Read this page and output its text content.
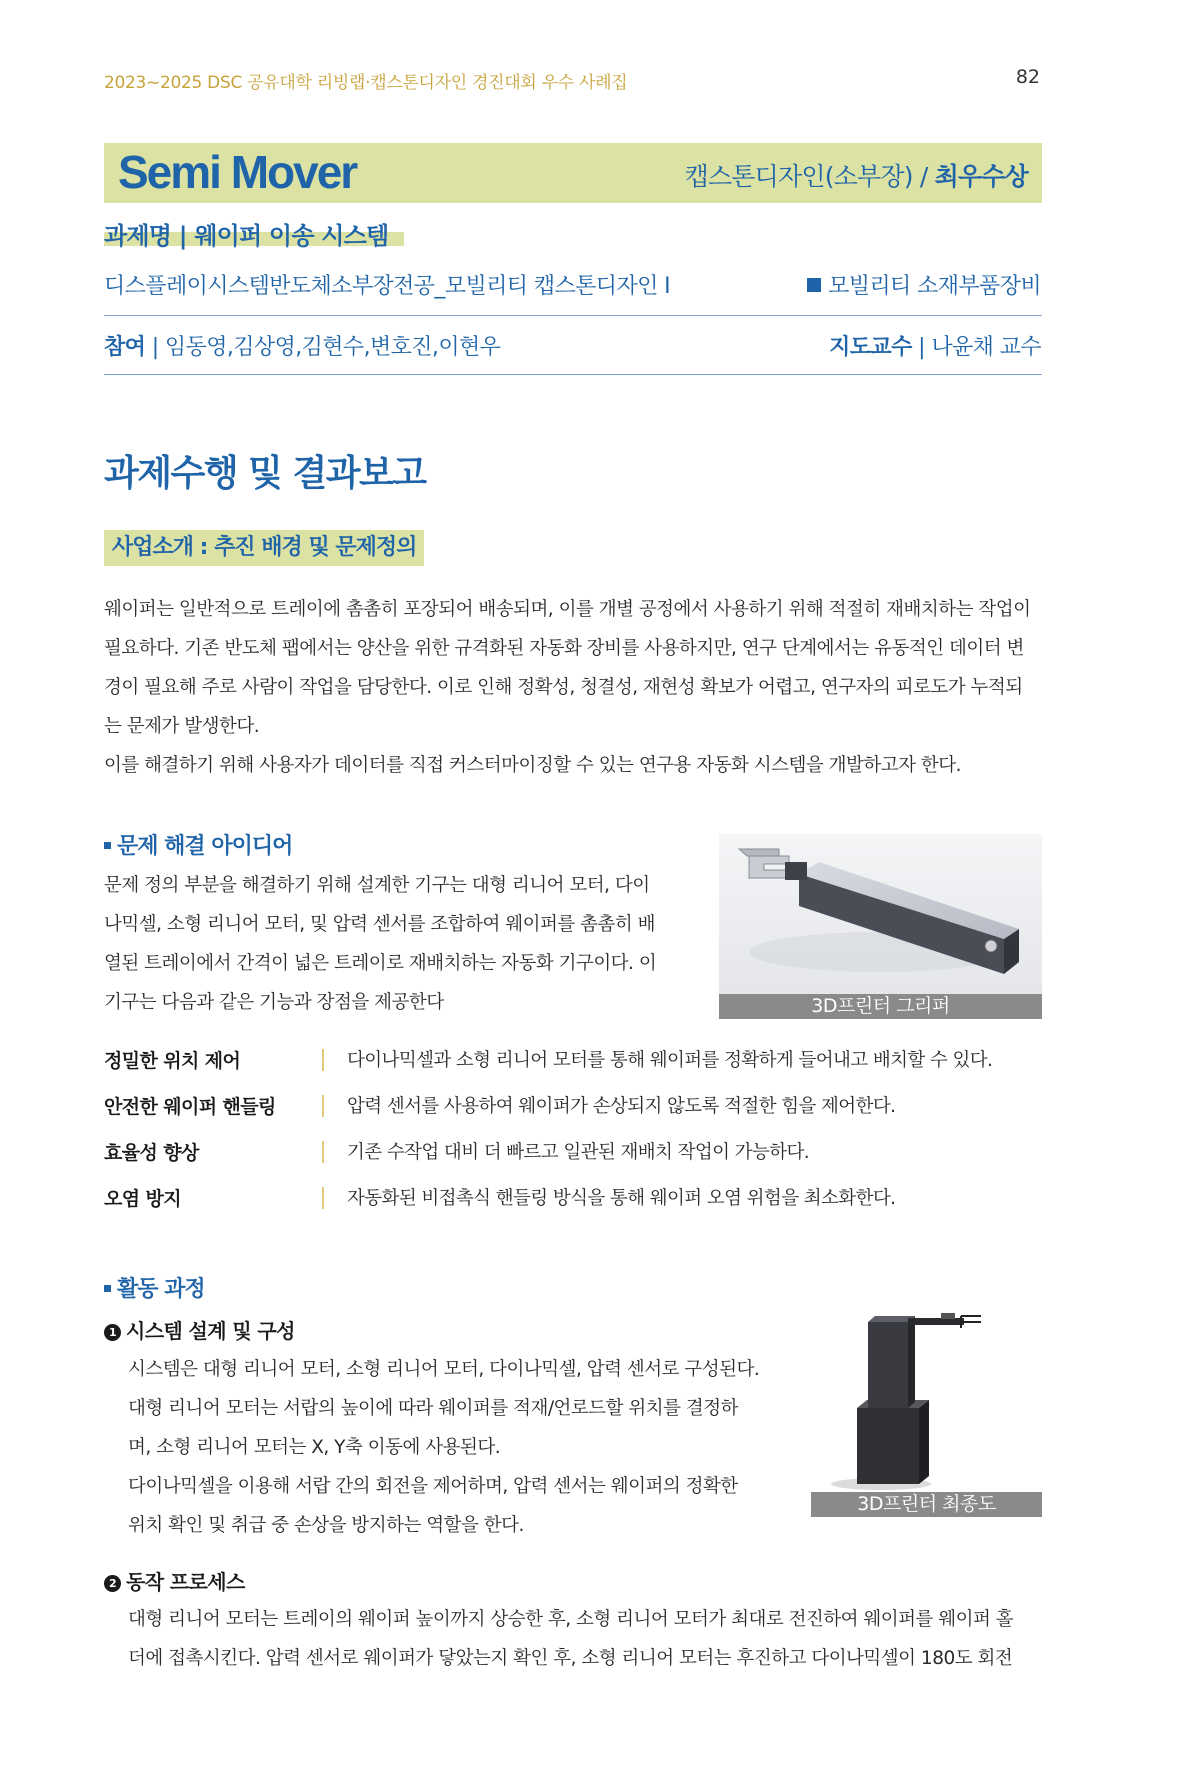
2023~2025 DSC 공유대학 리빙랩·캡스톤디자인 경진대회 우수 사례집	82
Semi Mover	캡스톤디자인(소부장) / 최우수상
과제명 | 웨이퍼 이송 시스템
디스플레이시스템반도체소부장전공_모빌리티 캡스톤디자인 I	모빌리티 소재부품장비
참여 | 임동영,김상영,김현수,변호진,이현우	지도교수 | 나윤채 교수
과제수행 및 결과보고
사업소개 : 추진 배경 및 문제정의

웨이퍼는 일반적으로 트레이에 촘촘히 포장되어 배송되며, 이를 개별 공정에서 사용하기 위해 적절히 재배치하는 작업이

필요하다. 기존 반도체 팹에서는 양산을 위한 규격화된 자동화 장비를 사용하지만, 연구 단계에서는 유동적인 데이터 변

경이 필요해 주로 사람이 작업을 담당한다. 이로 인해 정확성, 청결성, 재현성 확보가 어렵고, 연구자의 피로도가 누적되

는 문제가 발생한다.

이를 해결하기 위해 사용자가 데이터를 직접 커스터마이징할 수 있는 연구용 자동화 시스템을 개발하고자 한다.

문제 해결 아이디어

문제 정의 부분을 해결하기 위해 설계한 기구는 대형 리니어 모터, 다이

나믹셀, 소형 리니어 모터, 및 압력 센서를 조합하여 웨이퍼를 촘촘히 배

열된 트레이에서 간격이 넓은 트레이로 재배치하는 자동화 기구이다. 이

기구는 다음과 같은 기능과 장점을 제공한다	3D프린터 그리퍼
정밀한 위치 제어	다이나믹셀과 소형 리니어 모터를 통해 웨이퍼를 정확하게 들어내고 배치할 수 있다.
안전한 웨이퍼 핸들링	압력 센서를 사용하여 웨이퍼가 손상되지 않도록 적절한 힘을 제어한다.
효율성 향상	기존 수작업 대비 더 빠르고 일관된 재배치 작업이 가능하다.
오염 방지	자동화된 비접촉식 핸들링 방식을 통해 웨이퍼 오염 위험을 최소화한다.
활동 과정
1 시스템 설계 및 구성

시스템은 대형 리니어 모터, 소형 리니어 모터, 다이나믹셀, 압력 센서로 구성된다.

대형 리니어 모터는 서랍의 높이에 따라 웨이퍼를 적재/언로드할 위치를 결정하

며, 소형 리니어 모터는 X, Y축 이동에 사용된다.

다이나믹셀을 이용해 서랍 간의 회전을 제어하며, 압력 센서는 웨이퍼의 정확한

위치 확인 및 취급 중 손상을 방지하는 역할을 한다.

3D프린터 최종도
2 동작 프로세스

대형 리니어 모터는 트레이의 웨이퍼 높이까지 상승한 후, 소형 리니어 모터가 최대로 전진하여 웨이퍼를 웨이퍼 홀

더에 접촉시킨다. 압력 센서로 웨이퍼가 닿았는지 확인 후, 소형 리니어 모터는 후진하고 다이나믹셀이 180도 회전
